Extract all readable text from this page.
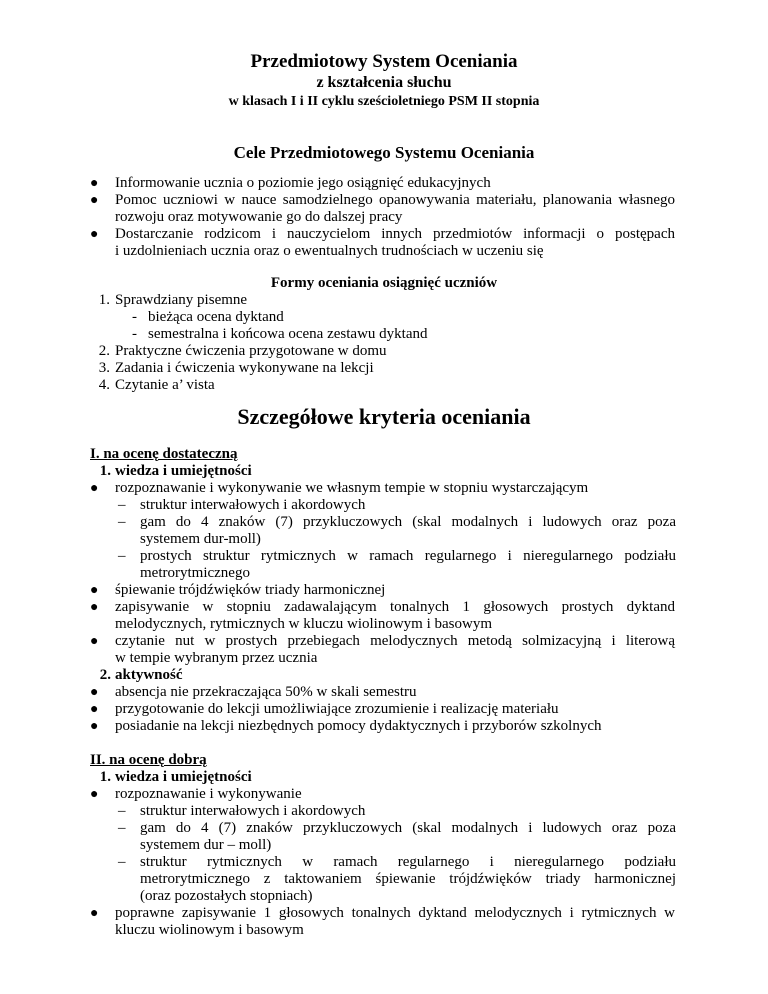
Przedmiotowy System Oceniania
z kształcenia słuchu
w klasach I i II cyklu sześcioletniego PSM II stopnia
Cele Przedmiotowego Systemu Oceniania
● Informowanie ucznia o poziomie jego osiągnięć edukacyjnych
● Pomoc uczniowi w nauce samodzielnego opanowywania materiału, planowania własnego
rozwoju oraz motywowanie go do dalszej pracy
● Dostarczanie rodzicom i nauczycielom innych przedmiotów informacji o postępach
i uzdolnieniach ucznia oraz o ewentualnych trudnościach w uczeniu się
Formy oceniania osiągnięć uczniów
1. Sprawdziany pisemne
- bieżąca ocena dyktand
- semestralna i końcowa ocena zestawu dyktand
2. Praktyczne ćwiczenia przygotowane w domu
3. Zadania i ćwiczenia wykonywane na lekcji
4. Czytanie a’ vista
Szczegółowe kryteria oceniania
I. na ocenę dostateczną
1. wiedza i umiejętności
● rozpoznawanie i wykonywanie we własnym tempie w stopniu wystarczającym
– struktur interwałowych i akordowych
– gam do 4 znaków (7) przykluczowych (skal modalnych i ludowych oraz poza
systemem dur-moll)
– prostych struktur rytmicznych w ramach regularnego i nieregularnego podziału
metrorytmicznego
● śpiewanie trójdźwięków triady harmonicznej
● zapisywanie w stopniu zadawalającym tonalnych 1 głosowych prostych dyktand
melodycznych, rytmicznych w kluczu wiolinowym i basowym
● czytanie nut w prostych przebiegach melodycznych metodą solmizacyjną i literową
w tempie wybranym przez ucznia
2. aktywność
● absencja nie przekraczająca 50% w skali semestru
● przygotowanie do lekcji umożliwiające zrozumienie i realizację materiału
● posiadanie na lekcji niezbędnych pomocy dydaktycznych i przyborów szkolnych
II. na ocenę dobrą
1. wiedza i umiejętności
● rozpoznawanie i wykonywanie
– struktur interwałowych i akordowych
– gam do 4 (7) znaków przykluczowych (skal modalnych i ludowych oraz poza
systemem dur – moll)
– struktur rytmicznych w ramach regularnego i nieregularnego podziału
metrorytmicznego z taktowaniem śpiewanie trójdźwięków triady harmonicznej
(oraz pozostałych stopniach)
● poprawne zapisywanie 1 głosowych tonalnych dyktand melodycznych i rytmicznych w
kluczu wiolinowym i basowym
